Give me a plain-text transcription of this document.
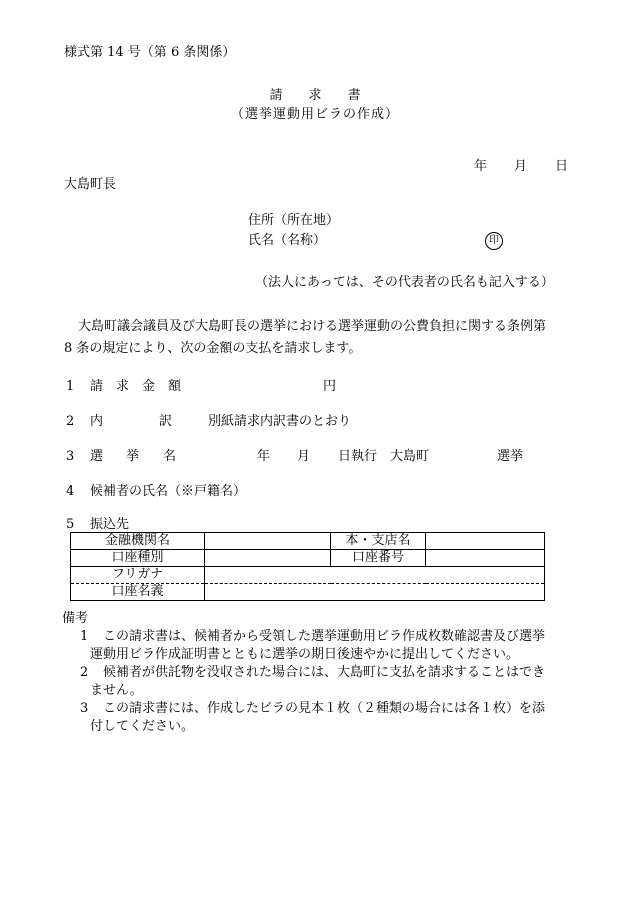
様式第 14 号（第 6 条関係）
請　　求　　書
（選挙運動用ビラの作成）
年 月 日
大島町長
住所（所在地）
氏名（名称）	印
（法人にあっては、その代表者の氏名も記入する）
大島町議会議員及び大島町長の選挙における選挙運動の公費負担に関する条例第
8 条の規定により、次の金額の支払を請求します。
1 請　求　金　額	円
2 内	訳	別紙請求内訳書のとおり
3 選 挙 名	年 月 日執行 大島町	選挙
4 候補者の氏名（※戸籍名）
5 振込先
金融機関名		本・支店名	
口座種別		口座番号	
フリガナ			
口座名義			
備考
1 この請求書は、候補者から受領した選挙運動用ビラ作成枚数確認書及び選挙
運動用ビラ作成証明書とともに選挙の期日後速やかに提出してください。
2 候補者が供託物を没収された場合には、大島町に支払を請求することはでき
ません。
3 この請求書には、作成したビラの見本１枚（２種類の場合には各１枚）を添
付してください。
